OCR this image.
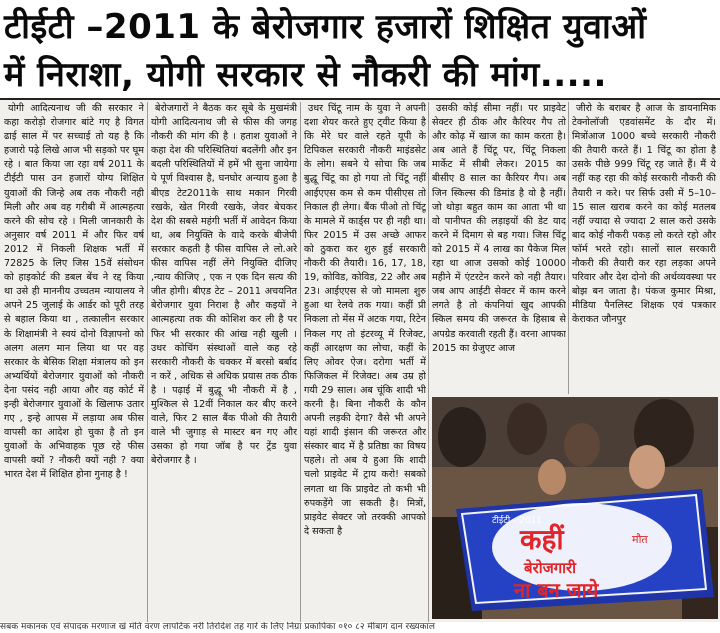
टीईटी –2011 के बेरोजगार हजारों शिक्षित युवाओं
में निराशा, योगी सरकार से नौकरी की मांग.....

योगी आदित्यनाथ जी की सरकार ने कहा करोड़ो रोजगार बांटे गए है विगत ढाई साल में पर सच्चाई तो यह है कि हजारो पढ़े लिखे आज भी सड़को पर घूम रहे । बात किया जा रहा वर्ष 2011 के टीईटी पास उन हजारों योग्य शिक्षित युवाओं की जिन्हे अब तक नौकरी नही मिली और अब वह गरीबी में आत्महत्या करने की सोच रहे । मिली जानकारी के अनुसार वर्ष 2011 में और फिर वर्ष 2012 में निकली शिक्षक भर्ती में 72825 के लिए जिस 15वें संसोधन को हाइकोर्ट की डबल बेंच ने रद्द किया था उसे ही माननीय उच्चतम न्यायालय ने अपने 25 जुलाई के आर्डर को पूरी तरह से बहाल किया था , तत्कालीन सरकार के शिक्षामंत्री ने स्वयं दोनो विज्ञापनो को अलग अलग मान लिया था पर वह सरकार के बेसिक शिक्षा मंत्रालय को इन अभ्यर्थियों बेरोजगार युवाओं को नौकरी देना पसंद नही आया और वह कोर्ट में इन्ही बेरोजगार युवाओं के खिलाफ उतार गए , इन्हे आपस में लड़ाया अब फीस वापसी का आदेश हो चुका है तो इन युवाओं के अभिवाहक पूछ रहे फीस वापसी क्यों ? नौकरी क्यों नही ? क्या भारत देश में शिक्षित होना गुनाह है !

बेरोजगारों ने बैठक कर सूबे के मुखमंत्री योगी आदित्यनाथ जी से फीस की जगह नौकरी की मांग की है । हताश युवाओं ने कहा देश की परिस्थितियां बदलेंगी और इन बदली परिस्थितियों में हमें भी सुना जायेगा ये पूर्ण विश्वास है, घनघोर अन्याय हुआ है बीएड टेट2011के साथ मकान गिरवी रखके, खेत गिरवी रखके, जेवर बेचकर देश की सबसे महंगी भर्ती में आवेदन किया था, अब नियुक्ति के वादे करके बीजेपी सरकार कहती है फीस वापिस ले लो.अरे फीस वापिस नहीं लेंगे नियुक्ति दीजिए ,न्याय कीजिए , एक न एक दिन सत्य की जीत होगी। बीएड टेट – 2011 अचयनित बेरोजगार युवा निराश है और कइयों ने आत्महत्या तक की कोशिश कर ली है पर फिर भी सरकार की आंख नही खुली । उधर कोचिंग संस्थाओं वाले कह रहे सरकारी नौकरी के चक्कर में बरसो बर्बाद न करें , अधिक से अधिक प्रयास तक ठीक है । पढ़ाई में बुद्धू भी नौकरी में है , मुश्किल से 12वीं निकाल कर बीए करने वाले, फिर 2 साल बैंक पीओ की तैयारी वाले भी जुगाड़ से मास्टर बन गए और उसका हो गया जॉब है पर ट्रेंड युवा बेरोजगार है ।

उधर चिंटू नाम के युवा ने अपनी दशा शेयर करते हुए ट्वीट किया है कि मेरे घर वाले रहते यूपी के टिपिकल सरकारी नौकरी माइंडसेट के लोग। सबने ये सोचा कि जब बुद्धू चिंटू का हो गया तो चिंटू नहीं आईएएस कम से कम पीसीएस तो निकाल ही लेगा। बैंक पीओ तो चिंटू के मामले में कार्ड्स पर ही नही था। फिर 2015 में उस अच्छे आफर को ठुकरा कर शुरु हुई सरकारी नौकरी की तैयारी। 16, 17, 18, 19, कोविड, कोविड, 22 और अब 23। आईएएस से जो मामला शुरु हुआ था रेलवे तक गया। कहीं प्री निकला तो मेंस में अटक गया, रिटेन निकल गए तो इंटरव्यू में रिजेक्ट, कहीं आरक्षण का लोचा, कहीं के लिए ओवर ऐज। दरोगा भर्ती में फिजिकल में रिजेक्ट। अब उम्र हो गयी 29 साल। अब चूंकि शादी भी करनी है। बिना नौकरी के कौन अपनी लड़की देगा? वैसे भी अपने यहां शादी इंसान की जरूरत और संस्कार बाद में है प्रतिष्ठा का विषय पहले। तो अब ये हुआ कि शादी चलो प्राइवेट में ट्राय करो! सबको लगता था कि प्राइवेट तो कभी भी रुपकड़ेंगे जा सकती है। मित्रों, प्राइवेट सेक्टर जो तरक्की आपको दे सकता है

उसकी कोई सीमा नहीं। पर प्राइवेट सेक्टर ही ठीक और कैरियर गैप तो और कोढ़ में खाज का काम करता है। अब आते हैं चिंटू पर, चिंटू निकला मार्केट में सीबी लेकर। 2015 का बीसीए 8 साल का कैरियर गैप। अब जिन स्किल्स की डिमांड है वो है नहीं। जो थोड़ा बहुत काम का आता भी था वो पानीपत की लड़ाइयों की डेट याद करने में दिमाग से बह गया। जिस चिंटू को 2015 में 4 लाख का पैकेज मिल रहा था आज उसको कोई 10000 महीने में एंटरटेन करने को नही तैयार। जब आप आईटी सेक्टर में काम करने लगते है तो कंपनियां खुद आपकी स्किल समय की जरूरत के हिसाब से अपग्रेड करवाती रहती हैं। वरना आपका 2015 का ग्रेजुएट आज

जीरो के बराबर है आज के डायनामिक टेक्नोलॉजी एडवांसमेंट के दौर में। मित्रोंआज 1000 बच्चे सरकारी नौकरी की तैयारी करते हैं। 1 चिंटू का होता है उसके पीछे 999 चिंटू रह जाते हैं। मैं ये नहीं कह रहा की कोई सरकारी नौकरी की तैयारी न करे। पर सिर्फ उसी में 5–10–15 साल खराब करने का कोई मतलब नहीं ज्यादा से ज्यादा 2 साल करो उसके बाद कोई नौकरी पकड़ लो करते रहो और फॉर्म भरते रहो। सालों साल सरकारी नौकरी की तैयारी कर रहा लड़का अपने परिवार और देश दोनो की अर्थव्यवस्था पर बोझ बन जाता है। पंकज कुमार मिश्रा, मीडिया पैनलिस्ट शिक्षक एवं पत्रकार केराकत जौनपुर

टीईटी - 2011
कहीं	मौत
बेरोजगारी
ना बन जाये
सबक मकानक एवं संपादक मरणाज खं मंति वरण लापटिक नरी तिरोर्दश तह गारे के लिए निग्रा प्रकापिका ०१० ८२ मीबाग दान रख्यकाल
